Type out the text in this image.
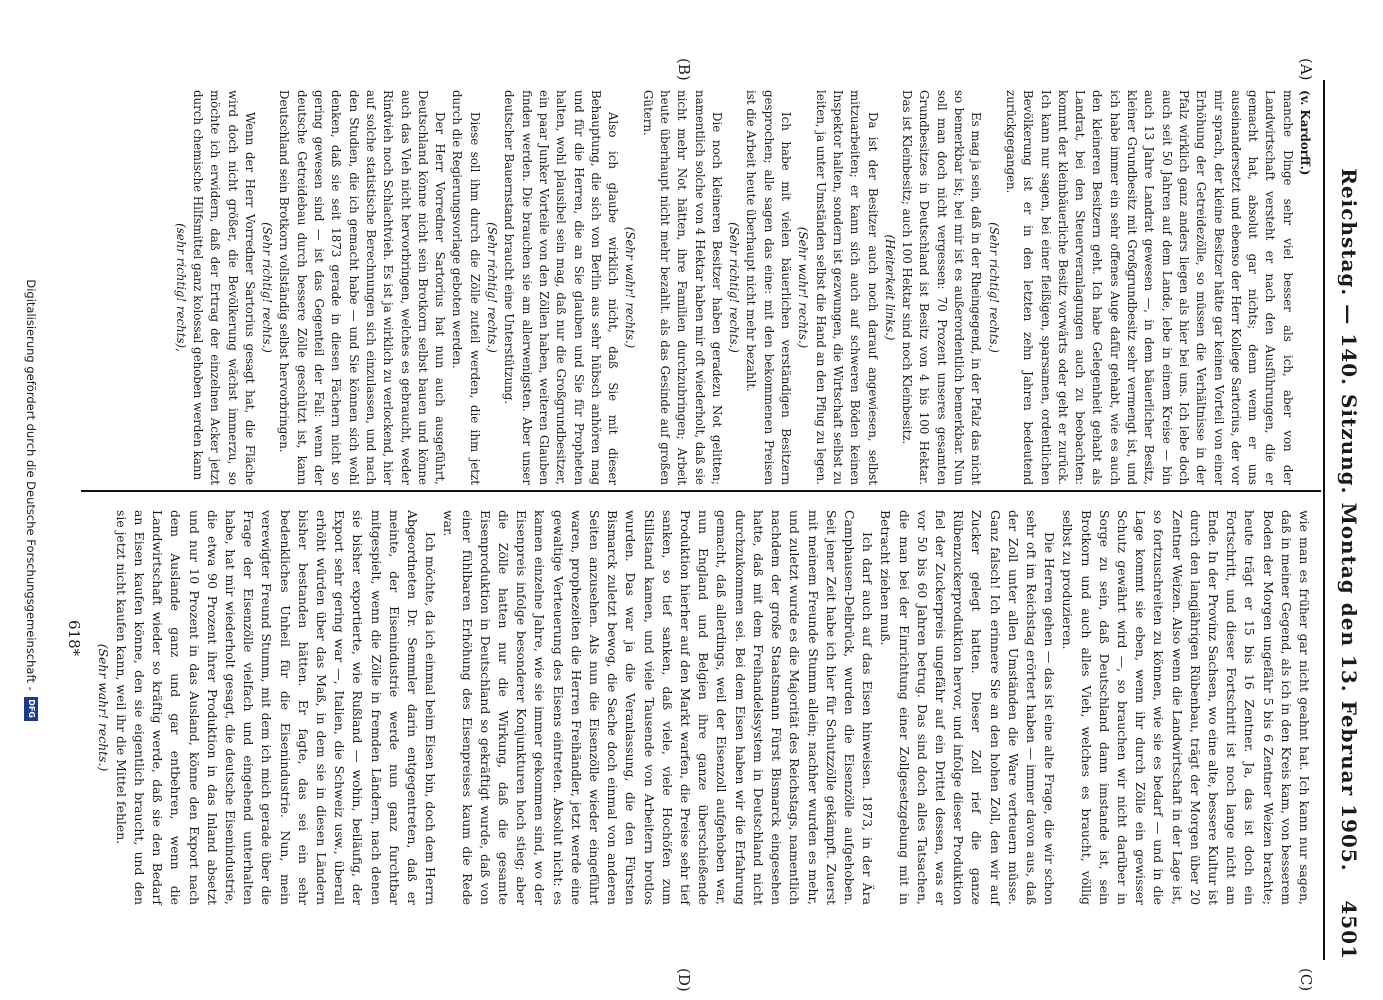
Reichstag. — 140. Sitzung. Montag den 13. Februar 1905.
4501
(A)
(B)
(C)
(D)

(v. Kardorff.)

manche Dinge sehr viel besser als ich, aber von der Landwirtschaft versteht er nach den Ausführungen, die er gemacht hat, absolut gar nichts; denn wenn er uns auseinandersetzt und ebenso der Herr Kollege Sartorius, der vor mir sprach, der kleine Besitzer hätte gar keinen Vorteil von einer Erhöhung der Getreidezölle, so müssen die Verhältnisse in der Pfalz wirklich ganz anders liegen als hier bei uns. Ich lebe doch auch seit 50 Jahren auf dem Lande, lebe in einem Kreise — bin auch 13 Jahre Landrat gewesen —, in dem bäuerlicher Besitz, kleiner Grundbesitz mit Großgrundbesitz sehr vermengt ist, und ich habe immer ein sehr offenes Auge dafür gehabt, wie es auch den kleineren Besitzern geht. Ich habe Gelegenheit gehabt als Landrat, bei den Steuerveranlagungen auch zu beobachten: kommt der kleinbäuerliche Besitz vorwärts oder geht er zurück. Ich kann nur sagen, bei einer fleißigen, sparsamen, ordentlichen Bevölkerung ist er in den letzten zehn Jahren bedeutend zurückgegangen.

(Sehr richtig! rechts.)

Es mag ja sein, daß in der Rheingegend, in der Pfalz das nicht so bemerkbar ist; bei mir ist es außerordentlich bemerkbar. Nun soll man doch nicht vergessen: 70 Prozent unseres gesamten Grundbesitzes in Deutschland ist Besitz von 4 bis 100 Hektar. Das ist Kleinbesitz; auch 100 Hektar sind noch Kleinbesitz.

(Heiterkeit links.)

Da ist der Besitzer auch noch darauf angewiesen, selbst mitzuarbeiten; er kann sich auch auf schweren Böden keinen Inspektor halten, sondern ist gezwungen, die Wirtschaft selbst zu leiten, ja unter Umständen selbst die Hand an den Pflug zu legen.

(Sehr wahr! rechts.)

Ich habe mit vielen bäuerlichen verständigen Besitzern gesprochen; alle sagen das eine: mit den bekommenen Preisen ist die Arbeit heute überhaupt nicht mehr bezahlt.

(Sehr richtig! rechts.)

Die noch kleineren Besitzer haben geradezu Not gelitten; namentlich solche von 4 Hektar haben mir oft wiederholt, daß sie nicht mehr Not hätten, ihre Familien durchzubringen; Arbeit heute überhaupt nicht mehr bezahlt. als das Gesinde auf großen Gütern.

(Sehr wahr! rechts.)

Also ich glaube wirklich nicht, daß Sie mit dieser Behauptung, die sich von Berlin aus sehr hübsch anhören mag und für die Herren, die an Sie glauben und Sie für Propheten halten, wohl plausibel sein mag, daß nur die Großgrundbesitzer, ein paar Junker Vorteile von den Zöllen haben, weiteren Glauben finden werden. Die brauchen sie am allerwenigsten. Aber unser deutscher Bauernstand braucht eine Unterstützung.

(Sehr richtig! rechts.)

Diese soll ihm durch die Zölle zuteil werden, die ihm jetzt durch die Regierungsvorlage geboten werden.

Der Herr Vorredner Sartorius hat nun auch ausgeführt, Deutschland könne nicht sein Brotkorn selbst bauen und könne auch das Vieh nicht hervorbringen, welches es gebraucht, weder Rindvieh noch Schlachtvieh. Es ist ja wirklich zu verlockend, hier auf solche statistische Berechnungen sich einzulassen, und nach den Studien, die ich gemacht habe — und Sie können sich wohl denken, daß sie seit 1873 gerade in diesen Fächern nicht so gering gewesen sind — ist das Gegenteil der Fall: wenn der deutsche Getreidebau durch bessere Zölle geschützt ist, kann Deutschland sein Brotkorn vollständig selbst hervorbringen.

(Sehr richtig! rechts.)

Wenn der Herr Vorredner Sartorius gesagt hat, die Fläche wird doch nicht größer, die Bevölkerung wächst immerzu, so möchte ich erwidern, daß der Ertrag der einzelnen Acker jetzt durch chemische Hilfsmittel ganz kolossal gehoben werden kann

(sehr richtig! rechts),

wie man es früher gar nicht geahnt hat. Ich kann nur sagen, daß in meiner Gegend, als ich in den Kreis kam, von besserem Boden der Morgen ungefähr 5 bis 6 Zentner Weizen brachte; heute trägt er 15 bis 16 Zentner. Ja, das ist doch ein Fortschritt, und dieser Fortschritt ist noch lange nicht am Ende. In der Provinz Sachsen, wo eine alte, bessere Kultur ist durch den langjährigen Rübenbau, trägt der Morgen über 20 Zentner Weizen. Also wenn die Landwirtschaft in der Lage ist, so fortzuschreiten zu können, wie sie es bedarf — und in die Lage kommt sie eben, wenn ihr durch Zölle ein gewisser Schutz gewährt wird —, so brauchen wir nicht darüber in Sorge zu sein, daß Deutschland dann imstande ist, sein Brotkorn und auch alles Vieh, welches es braucht, völlig selbst zu produzieren.

Die Herren gehen — das ist eine alte Frage, die wir schon sehr oft im Reichstag erörtert haben — immer davon aus, daß der Zoll unter allen Umständen die Ware verteuern müsse. Ganz falsch! Ich erinnere Sie an den hohen Zoll, den wir auf Zucker gelegt hatten. Dieser Zoll rief die ganze Rübenzuckerproduktion hervor, und infolge dieser Produktion fiel der Zuckerpreis ungefähr auf ein Drittel dessen, was er vor 50 bis 60 Jahren betrug. Das sind doch alles Tatsachen, die man bei der Einrichtung einer Zollgesetzgebung mit in Betracht ziehen muß.

Ich darf auch auf das Eisen hinweisen. 1873, in der Ära Camphausen-Delbrück, wurden die Eisenzölle aufgehoben. Seit jener Zeit habe ich hier für Schutzzölle gekämpft. Zuerst mit meinem Freunde Stumm allein; nachher wurden es mehr, und zuletzt wurde es die Majorität des Reichstags, namentlich nachdem der große Staatsmann Fürst Bismarck eingesehen hatte, daß mit dem Freihandelssystem in Deutschland nicht durchzukommen sei. Bei dem Eisen haben wir die Erfahrung gemacht, daß allerdings, weil der Eisenzoll aufgehoben war, nun England und Belgien ihre ganze überschießende Produktion hierher auf den Markt warfen, die Preise sehr tief sanken, so tief sanken, daß viele, viele Hochöfen zum Stillstand kamen, und viele Tausende von Arbeitern brotlos wurden. Das war ja die Veranlassung, die den Fürsten Bismarck zuletzt bewog, die Sache doch einmal von anderen Seiten anzusehen. Als nun die Eisenzölle wieder eingeführt waren, prophezeiten die Herren Freihändler, jetzt werde eine gewaltige Verteuerung des Eisens eintreten. Absolut nicht: es kamen einzelne Jahre, wie sie immer gekommen sind, wo der Eisenpreis infolge besonderer Konjunkturen hoch stieg; aber die Zölle hatten nur die Wirkung, daß die gesamte Eisenproduktion in Deutschland so gekräftigt wurde, daß von einer fühlbaren Erhöhung des Eisenpreises kaum die Rede war.

Ich möchte, da ich einmal beim Eisen bin, doch dem Herrn Abgeordneten Dr. Semmler darin entgegentreten, daß er meinte, der Eisenindustrie werde nun ganz furchtbar mitgespielt, wenn die Zölle in fremden Ländern, nach denen sie bisher exportierte, wie Rußland — wohin, beiläufig, der Export sehr gering war —, Italien, die Schweiz usw., überall erhöht würden über das Maß, in dem sie in diesen Ländern bisher bestanden hätten. Er fagte, das sei ein sehr bedenkliches Unheil für die Eisenindustrie. Nun, mein verewigter Freund Stumm, mit dem ich mich gerade über die Frage der Eisenzölle vielfach und eingehend unterhalten habe, hat mir wiederholt gesagt, die deutsche Eisenindustrie, die etwa 90 Prozent ihrer Produktion in das Inland absetzt und nur 10 Prozent in das Ausland, könne den Export nach dem Auslande ganz und gar entbehren, wenn die Landwirtschaft wieder so kräftig werde, daß sie den Bedarf an Eisen kaufen könne, den sie eigentlich braucht, und den sie jetzt nicht kaufen kann, weil ihr die Mittel fehlen.

(Sehr wahr! rechts.)

618*
Digitalisierung gefördert durch die Deutsche Forschungsgemeinschaft -
DFG
